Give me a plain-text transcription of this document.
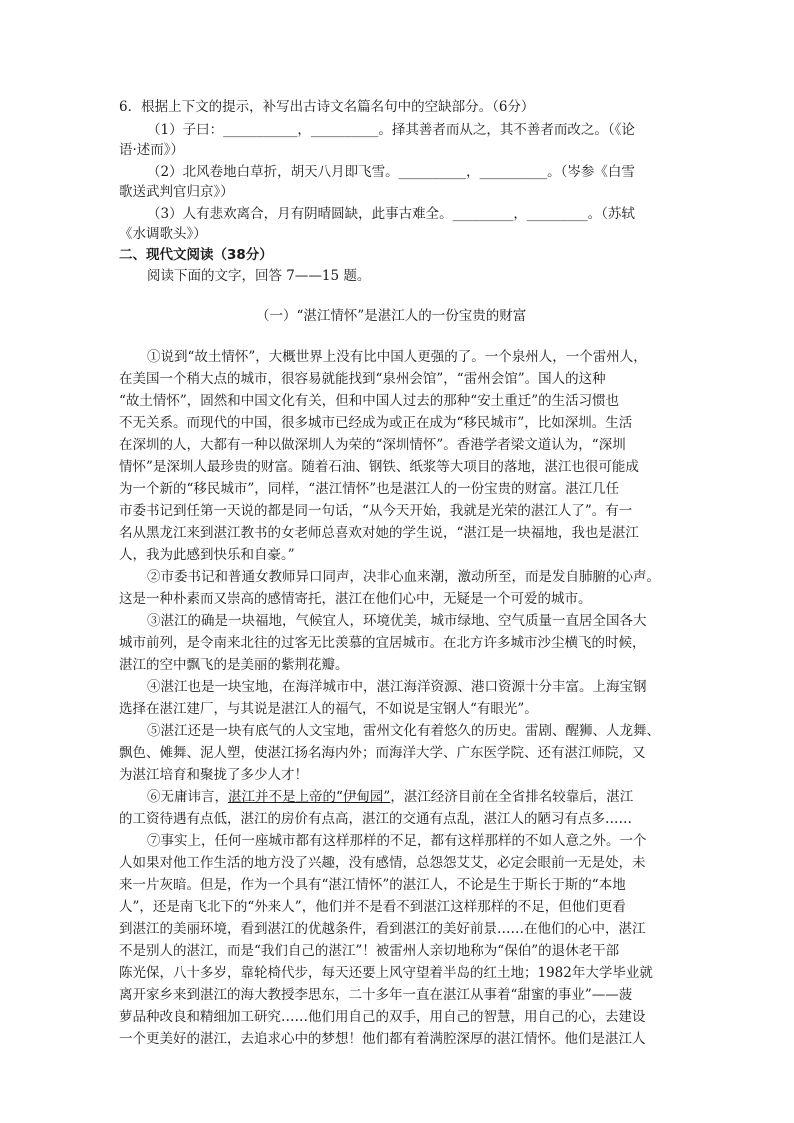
6．根据上下文的提示，补写出古诗文名篇名句中的空缺部分。（6分）
（1）子曰：___________，__________。择其善者而从之，其不善者而改之。（《论
语·述而》）
（2）北风卷地白草折，胡天八月即飞雪。__________，__________。（岑参《白雪
歌送武判官归京》）
（3）人有悲欢离合，月有阴晴圆缺，此事古难全。_________，_________。（苏轼
《水调歌头》）
二、现代文阅读（38分）
阅读下面的文字，回答 7——15 题。
（一）“湛江情怀”是湛江人的一份宝贵的财富
①说到“故土情怀”，大概世界上没有比中国人更强的了。一个泉州人，一个雷州人，
在美国一个稍大点的城市，很容易就能找到“泉州会馆”，“雷州会馆”。国人的这种
“故土情怀”，固然和中国文化有关，但和中国人过去的那种“安土重迁”的生活习惯也
不无关系。而现代的中国，很多城市已经成为或正在成为“移民城市”，比如深圳。生活
在深圳的人，大都有一种以做深圳人为荣的“深圳情怀”。香港学者梁文道认为，“深圳
情怀”是深圳人最珍贵的财富。随着石油、钢铁、纸浆等大项目的落地，湛江也很可能成
为一个新的“移民城市”，同样，“湛江情怀”也是湛江人的一份宝贵的财富。湛江几任
市委书记到任第一天说的都是同一句话，“从今天开始，我就是光荣的湛江人了”。有一
名从黑龙江来到湛江教书的女老师总喜欢对她的学生说，“湛江是一块福地，我也是湛江
人，我为此感到快乐和自豪。”
②市委书记和普通女教师异口同声，决非心血来潮，激动所至，而是发自肺腑的心声。
这是一种朴素而又崇高的感情寄托，湛江在他们心中，无疑是一个可爱的城市。
③湛江的确是一块福地，气候宜人，环境优美，城市绿地、空气质量一直居全国各大
城市前列，是令南来北往的过客无比羡慕的宜居城市。在北方许多城市沙尘横飞的时候，
湛江的空中飘飞的是美丽的紫荆花瓣。
④湛江也是一块宝地，在海洋城市中，湛江海洋资源、港口资源十分丰富。上海宝钢
选择在湛江建厂，与其说是湛江人的福气，不如说是宝钢人“有眼光”。
⑤湛江还是一块有底气的人文宝地，雷州文化有着悠久的历史。雷剧、醒狮、人龙舞、
飘色、傩舞、泥人塑，使湛江扬名海内外；而海洋大学、广东医学院、还有湛江师院，又
为湛江培育和聚拢了多少人才！
⑥无庸讳言，湛江并不是上帝的“伊甸园”，湛江经济目前在全省排名较靠后，湛江
的工资待遇有点低，湛江的房价有点高，湛江的交通有点乱，湛江人的陋习有点多……
⑦事实上，任何一座城市都有这样那样的不足，都有这样那样的不如人意之外。一个
人如果对他工作生活的地方没了兴趣，没有感情，总怨怨艾艾，必定会眼前一无是处，未
来一片灰暗。但是，作为一个具有“湛江情怀”的湛江人，不论是生于斯长于斯的“本地
人”，还是南飞北下的“外来人”，他们并不是看不到湛江这样那样的不足，但他们更看
到湛江的美丽环境，看到湛江的优越条件，看到湛江的美好前景……在他们的心中，湛江
不是别人的湛江，而是“我们自己的湛江”！被雷州人亲切地称为“保伯”的退休老干部
陈光保，八十多岁，靠轮椅代步，每天还要上风守望着半岛的红土地；1982年大学毕业就
离开家乡来到湛江的海大教授李思东，二十多年一直在湛江从事着“甜蜜的事业”——菠
萝品种改良和精细加工研究……他们用自己的双手，用自己的智慧，用自己的心，去建设
一个更美好的湛江，去追求心中的梦想！他们都有着满腔深厚的湛江情怀。他们是湛江人
